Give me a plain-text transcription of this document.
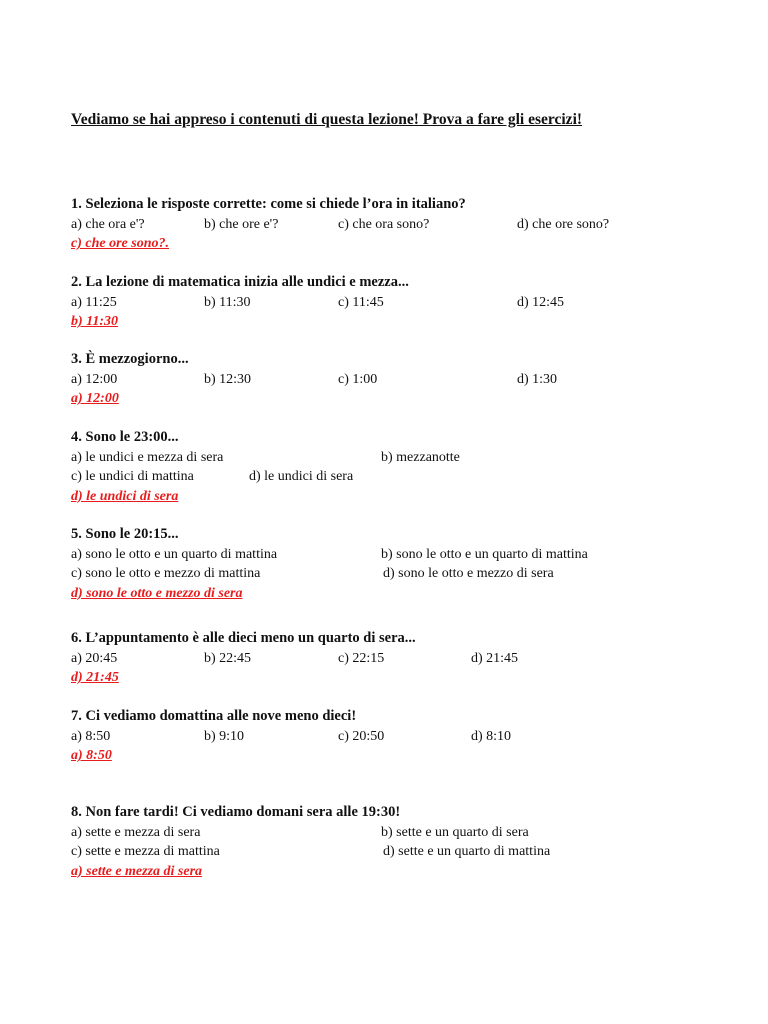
Vediamo se hai appreso i contenuti di questa lezione! Prova a fare gli esercizi!
1. Seleziona le risposte corrette: come si chiede l’ora in italiano?
a) che ora e'?	b) che ore e'?	c) che ora sono?	d) che ore sono?
c) che ore sono?.
2. La lezione di matematica inizia alle undici e mezza...
a) 11:25	b) 11:30	c) 11:45	d) 12:45
b) 11:30
3. È mezzogiorno...
a) 12:00	b) 12:30	c) 1:00	d) 1:30
a) 12:00
4. Sono le 23:00...
a) le undici e mezza di sera	b) mezzanotte
c) le undici di mattina	d) le undici di sera
d) le undici di sera
5. Sono le 20:15...
a) sono le otto e un quarto di mattina	b) sono le otto e un quarto di mattina
c) sono le otto e mezzo di mattina	d) sono le otto e mezzo di sera
d) sono le otto e mezzo di sera
6. L’appuntamento è alle dieci meno un quarto di sera...
a) 20:45	b) 22:45	c) 22:15	d) 21:45
d) 21:45
7. Ci vediamo domattina alle nove meno dieci!
a) 8:50	b) 9:10	c) 20:50	d) 8:10
a) 8:50
8. Non fare tardi! Ci vediamo domani sera alle 19:30!
a) sette e mezza di sera	b) sette e un quarto di sera
c) sette e mezza di mattina	d) sette e un quarto di mattina
a) sette e mezza di sera
